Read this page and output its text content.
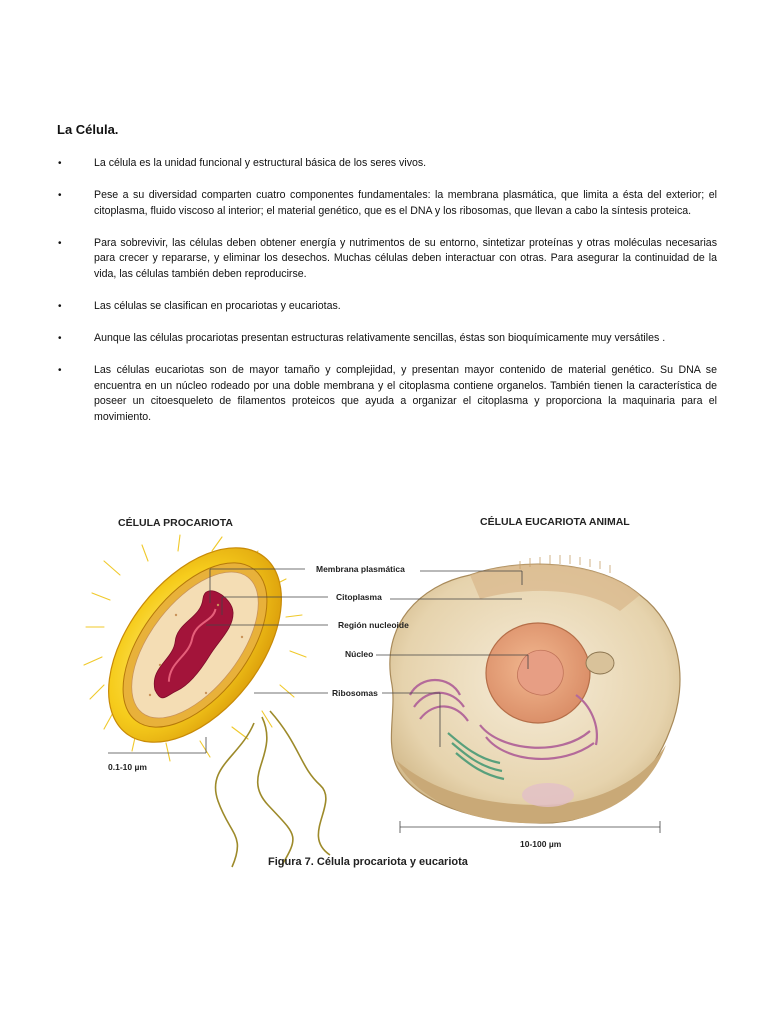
La Célula.
•	La célula es la unidad funcional y estructural básica de los seres vivos.
•	Pese a su diversidad comparten cuatro componentes fundamentales: la membrana plasmática, que limita a ésta del exterior; el citoplasma, fluido viscoso al interior; el material genético, que es el DNA y los ribosomas, que llevan a cabo la síntesis proteica.
•	Para sobrevivir, las células deben obtener energía y nutrimentos de su entorno, sintetizar proteínas y otras moléculas necesarias para crecer y repararse, y eliminar los desechos. Muchas células deben interactuar con otras. Para asegurar la continuidad de la vida, las células también deben reproducirse.
•	Las células se clasifican en procariotas y eucariotas.
•	Aunque las células procariotas presentan estructuras relativamente sencillas, éstas son bioquímicamente muy versátiles .
•	Las células eucariotas son de mayor tamaño y complejidad, y presentan mayor contenido de material genético. Su DNA se encuentra en un núcleo rodeado por una doble membrana y el citoplasma contiene organelos. También tienen la característica de poseer un citoesqueleto de filamentos proteicos que ayuda a organizar el citoplasma y proporciona la maquinaria para el movimiento.
CÉLULA PROCARIOTA	CÉLULA EUCARIOTA ANIMAL
Membrana plasmática
Citoplasma
Región nucleoide
Núcleo
Ribosomas
0.1-10 µm
10-100 µm
Figura 7. Célula procariota y eucariota
